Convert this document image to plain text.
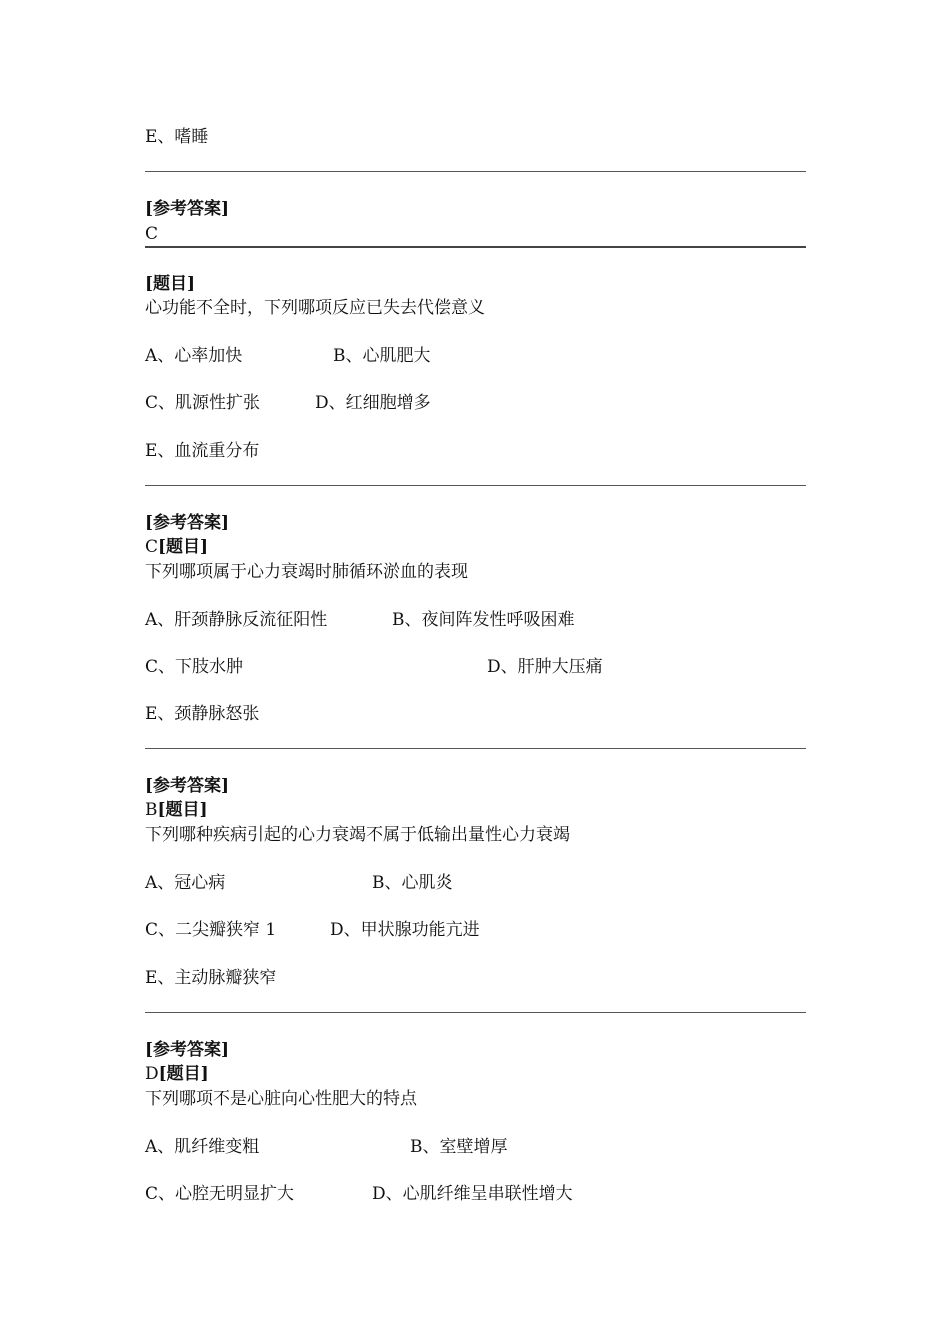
E、嗜睡
[参考答案]
C
[题目]
心功能不全时，下列哪项反应已失去代偿意义
A、心率加快	B、心肌肥大
C、肌源性扩张	D、红细胞增多
E、血流重分布
[参考答案]
C[题目]
下列哪项属于心力衰竭时肺循环淤血的表现
A、肝颈静脉反流征阳性	B、夜间阵发性呼吸困难
C、下肢水肿	D、肝肿大压痛
E、颈静脉怒张
[参考答案]
B[题目]
下列哪种疾病引起的心力衰竭不属于低输出量性心力衰竭
A、冠心病	B、心肌炎
C、二尖瓣狭窄 1	D、甲状腺功能亢进
E、主动脉瓣狭窄
[参考答案]
D[题目]
下列哪项不是心脏向心性肥大的特点
A、肌纤维变粗	B、室壁增厚
C、心腔无明显扩大	D、心肌纤维呈串联性增大
